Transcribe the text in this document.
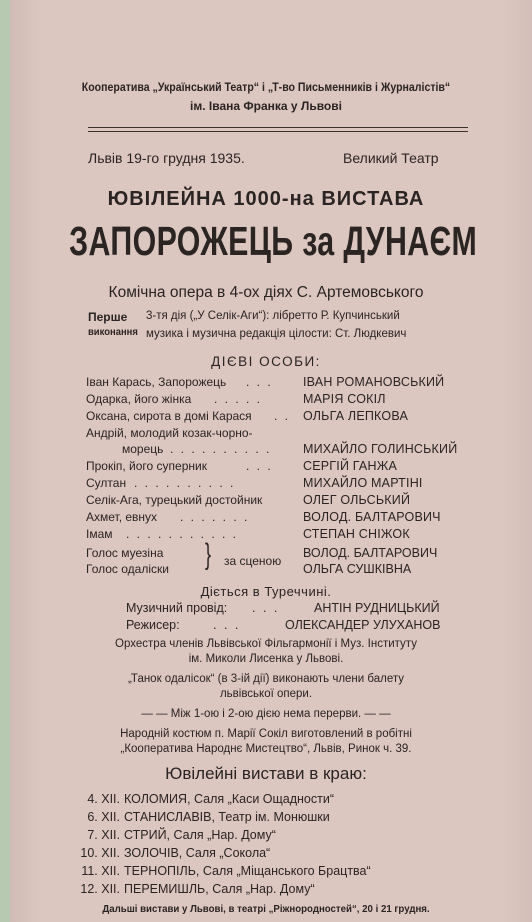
Кооператива „Український Театр“ і „Т-во Письменників і Журналістів“
ім. Івана Франка у Львові
Львів 19-го грудня 1935.	Великий Театр
ЮВІЛЕЙНА 1000-на ВИСТАВА
ЗАПОРОЖЕЦЬ за ДУНАЄМ
Комічна опера в 4-ох діях С. Артемовського
Перше
виконання
3-тя дія („У Селік-Аги“): лібретто Р. Купчинський
музика і музична редакція цілости: Ст. Людкевич
ДІЄВІ ОСОБИ:
Іван Карась, Запорожець . . . ІВАН РОМАНОВСЬКИЙ
Одарка, його жінка . . . . .	МАРІЯ СОКІЛ
Оксана, сирота в домі Карася . . ОЛЬГА ЛЕПКОВА
Андрій, молодий козак-чорно-
морець . . . . . . . . . .	МИХАЙЛО ГОЛИНСЬКИЙ
Прокіп, його суперник	. . . СЕРГІЙ ГАНЖА
Султан . . . . . . . . . .	МИХАЙЛО МАРТІНІ
Селік-Ага, турецький достойник	ОЛЕГ ОЛЬСЬКИЙ
Ахмет, евнух . . . . . . .	ВОЛОД. БАЛТАРОВИЧ
Імам . . . . . . . . . . .	СТЕПАН СНІЖОК
Голос муезіна
Голос одаліски } за сценою
ВОЛОД. БАЛТАРОВИЧ
ОЛЬГА СУШКІВНА
Діється в Туреччині.
Музичний провід: . . .	АНТІН РУДНИЦЬКИЙ
Режисер:	. . .	ОЛЕКСАНДЕР УЛУХАНОВ
Орхестра членів Львівської Фільгармонії і Муз. Інституту
ім. Миколи Лисенка у Львові.
„Танок одалісок“ (в 3-ій дії) виконають члени балету
львівської опери.
— — Між 1-ою і 2-ою дією нема перерви. — —
Народній костюм п. Марії Сокіл виготовлений в робітні
„Кооператива Народнє Мистецтво“, Львів, Ринок ч. 39.
Ювілейні вистави в краю:
4. XII. КОЛОМИЯ, Саля „Каси Ощадности“
6. XII. СТАНИСЛАВІВ, Театр ім. Монюшки
7. XII. СТРИЙ, Саля „Нар. Дому“
10. XII. ЗОЛОЧІВ, Саля „Сокола“
11. XII. ТЕРНОПІЛЬ, Саля „Міщанського Брацтва“
12. XII. ПЕРЕМИШЛЬ, Саля „Нар. Дому“
Дальші вистави у Львові, в театрі „Ріжнородностей“, 20 і 21 грудня.
